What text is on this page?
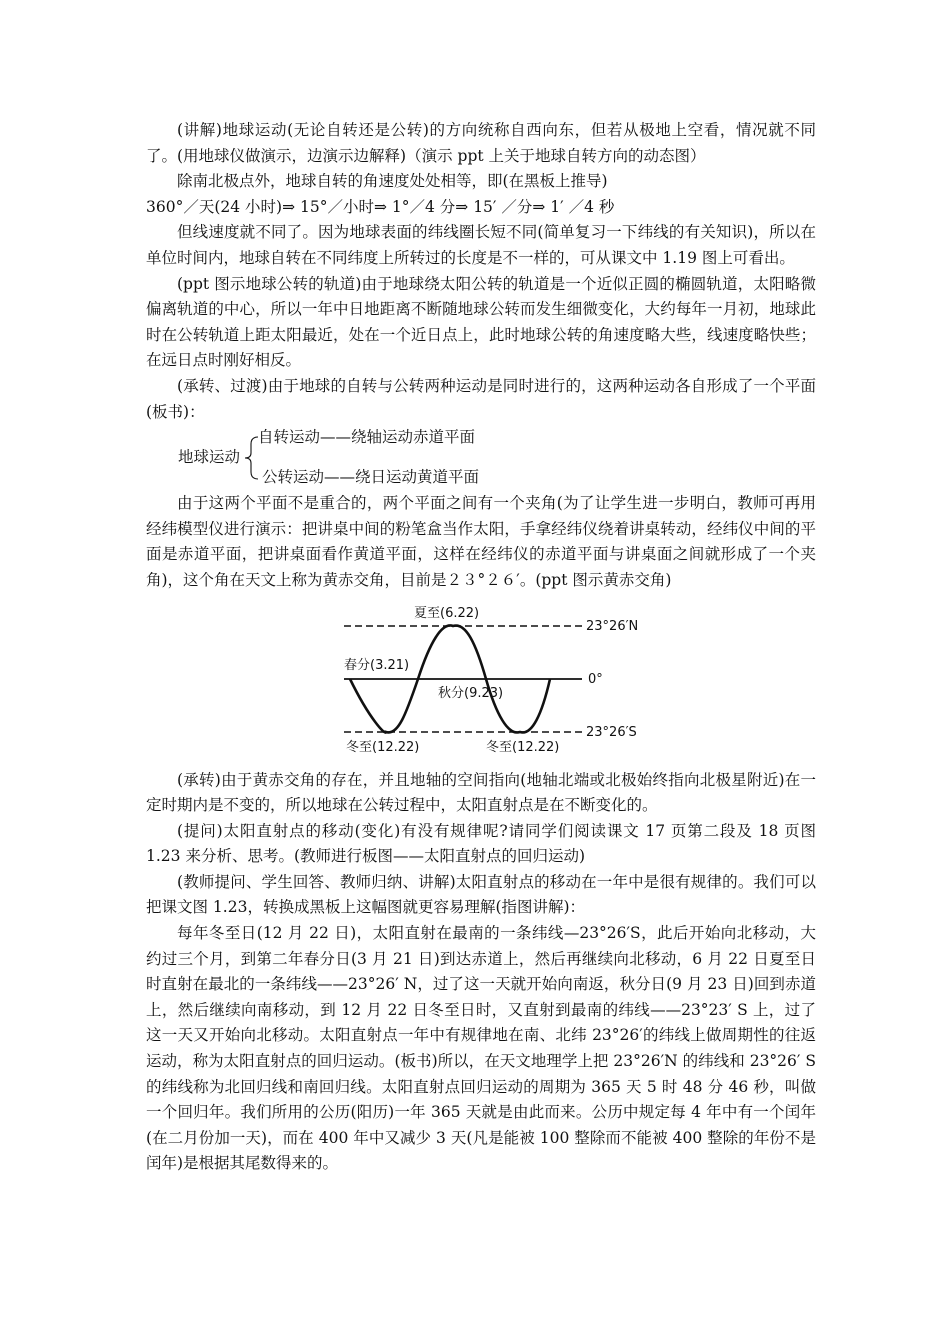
(讲解)地球运动(无论自转还是公转)的方向统称自西向东，但若从极地上空看，情况就不同了。(用地球仪做演示，边演示边解释)（演示 ppt 上关于地球自转方向的动态图）

除南北极点外，地球自转的角速度处处相等，即(在黑板上推导)

360°／天(24 小时)⇒ 15°／小时⇒ 1°／4 分⇒ 15′ ／分⇒ 1′ ／4 秒

但线速度就不同了。因为地球表面的纬线圈长短不同(简单复习一下纬线的有关知识)，所以在单位时间内，地球自转在不同纬度上所转过的长度是不一样的，可从课文中 1.19 图上可看出。

(ppt 图示地球公转的轨道)由于地球绕太阳公转的轨道是一个近似正圆的椭圆轨道，太阳略微偏离轨道的中心，所以一年中日地距离不断随地球公转而发生细微变化，大约每年一月初，地球此时在公转轨道上距太阳最近，处在一个近日点上，此时地球公转的角速度略大些，线速度略快些；在远日点时刚好相反。

(承转、过渡)由于地球的自转与公转两种运动是同时进行的，这两种运动各自形成了一个平面(板书)：

地球运动
自转运动——绕轴运动赤道平面
公转运动——绕日运动黄道平面

由于这两个平面不是重合的，两个平面之间有一个夹角(为了让学生进一步明白，教师可再用经纬模型仪进行演示：把讲桌中间的粉笔盒当作太阳，手拿经纬仪绕着讲桌转动，经纬仪中间的平面是赤道平面，把讲桌面看作黄道平面，这样在经纬仪的赤道平面与讲桌面之间就形成了一个夹角)，这个角在天文上称为黄赤交角，目前是２３°２６′。(ppt 图示黄赤交角)

夏至(6.22)
23°26′N
春分(3.21)
0°
秋分(9.23)
23°26′S
冬至(12.22)	冬至(12.22)

(承转)由于黄赤交角的存在，并且地轴的空间指向(地轴北端或北极始终指向北极星附近)在一定时期内是不变的，所以地球在公转过程中，太阳直射点是在不断变化的。

(提问)太阳直射点的移动(变化)有没有规律呢?请同学们阅读课文 17 页第二段及 18 页图 1.23 来分析、思考。(教师进行板图——太阳直射点的回归运动)

(教师提问、学生回答、教师归纳、讲解)太阳直射点的移动在一年中是很有规律的。我们可以把课文图 1.23，转换成黑板上这幅图就更容易理解(指图讲解)：

每年冬至日(12 月 22 日)，太阳直射在最南的一条纬线—23°26′S，此后开始向北移动，大约过三个月，到第二年春分日(3 月 21 日)到达赤道上，然后再继续向北移动，6 月 22 日夏至日时直射在最北的一条纬线——23°26′ N，过了这一天就开始向南返，秋分日(9 月 23 日)回到赤道上，然后继续向南移动，到 12 月 22 日冬至日时，又直射到最南的纬线——23°23′ S 上，过了这一天又开始向北移动。太阳直射点一年中有规律地在南、北纬 23°26′的纬线上做周期性的往返运动，称为太阳直射点的回归运动。(板书)所以，在天文地理学上把 23°26′N 的纬线和 23°26′ S 的纬线称为北回归线和南回归线。太阳直射点回归运动的周期为 365 天 5 时 48 分 46 秒，叫做一个回归年。我们所用的公历(阳历)一年 365 天就是由此而来。公历中规定每 4 年中有一个闰年(在二月份加一天)，而在 400 年中又减少 3 天(凡是能被 100 整除而不能被 400 整除的年份不是闰年)是根据其尾数得来的。
